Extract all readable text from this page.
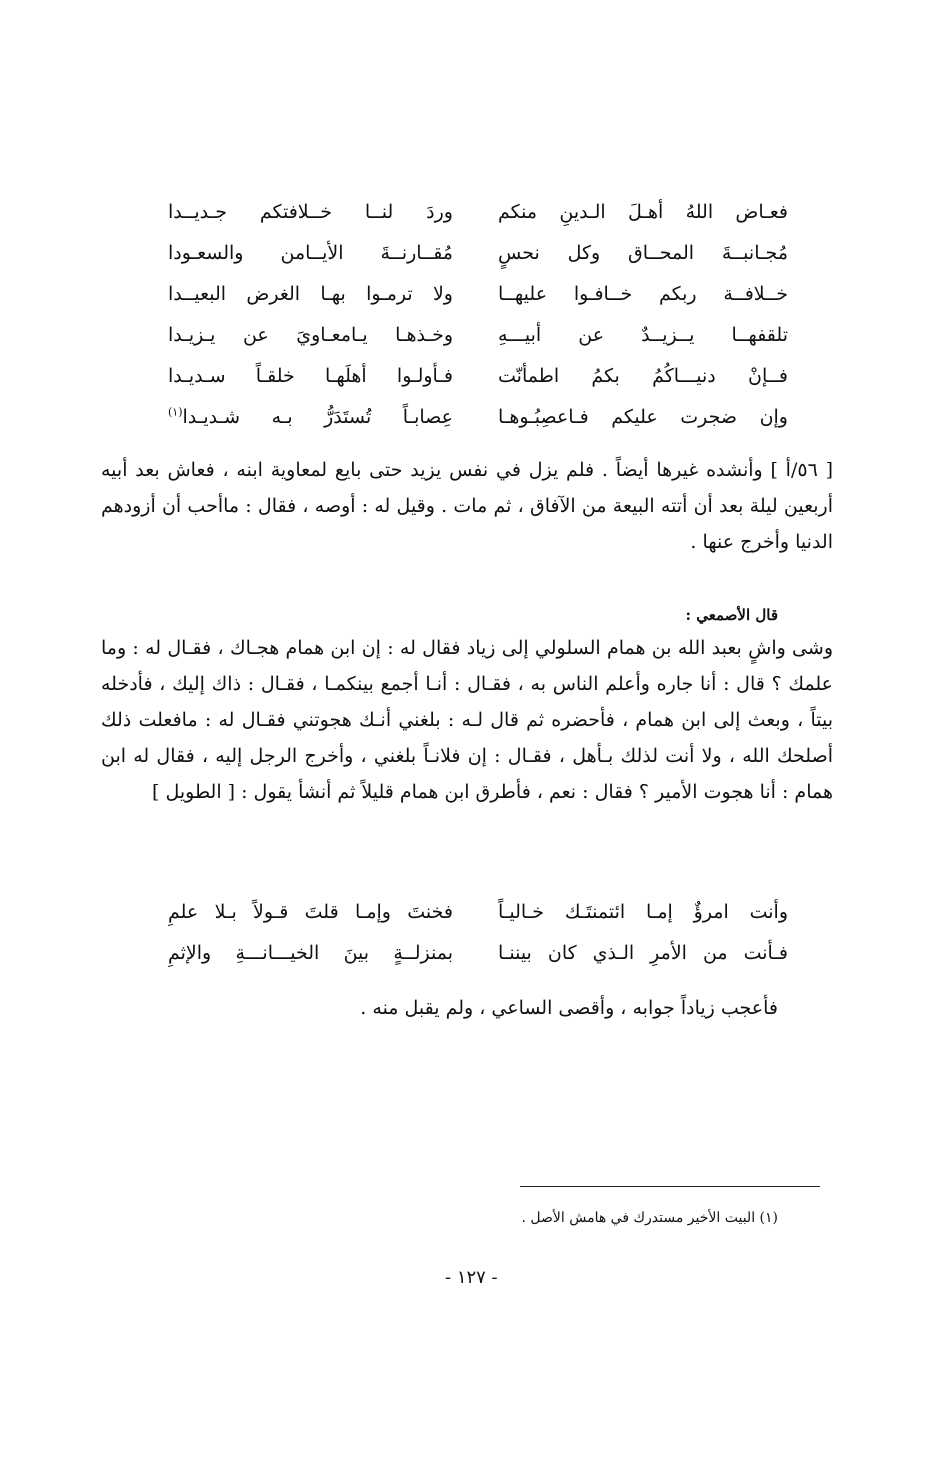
فعـاض اللهُ أهـلَ الـدينِ منكم
وردَ لنــا خــلافتكم جـديــدا
مُجـانبــةَ المحــاق وكل نحسٍ
مُقــارنــةَ الأيــامن والسعـودا
خــلافــة ربكم خــافـوا عليهــا
ولا ترمـوا بهـا الغرض البعيــدا
تلقفهــا يــزيــدٌ عن أبيـــهِ
وخـذهـا يـامعـاويَ عن يـزيـدا
فــإنْ دنيـــاكُمُ بكمُ اطمأنّت
فـأولـوا أهلَهـا خلقـاً سـديـدا
وإن ضجرت عليكم فـاعصِبُـوهـا
عِصابـاً تُستَدَرُّ بـه شـديـدا$^{(١)}$

[ ٥٦/أ ] وأنشده غيرها أيضاً . فلم يزل في نفس يزيد حتى بايع لمعاوية ابنه ، فعاش بعد أبيه أربعين ليلة بعد أن أتته البيعة من الآفاق ، ثم مات . وقيل له : أوصه ، فقال : ماأحب أن أزودهم الدنيا وأخرج عنها .

قال الأصمعي :

وشى واشٍ بعبد الله بن همام السلولي إلى زياد فقال له : إن ابن همام هجـاك ، فقـال له : وما علمك ؟ قال : أنا جاره وأعلم الناس به ، فقـال : أنـا أجمع بينكمـا ، فقـال : ذاك إليك ، فأدخله بيتاً ، وبعث إلى ابن همام ، فأحضره ثم قال لـه : بلغني أنـك هجوتني فقـال له : مافعلت ذلك أصلحك الله ، ولا أنت لذلك بـأهل ، فقـال : إن فلانـاً بلغني ، وأخرج الرجل إليه ، فقال له ابن همام : أنا هجوت الأمير ؟ فقال : نعم ، فأطرق ابن همام قليلاً ثم أنشأ يقول : [ الطويل ]

وأنت امرؤٌ إمـا ائتمنتَـك خـاليـاً
فخنتَ وإمـا قلتَ قـولاً بـلا علمِ
فـأنت من الأمرِ الـذي كان بيننـا
بمنزلــةٍ بينَ الخيـــانـــةِ والإثمِ
فأعجب زياداً جوابه ، وأقصى الساعي ، ولم يقبل منه .
(١) البيت الأخير مستدرك في هامش الأصل .
- ١٢٧ -
